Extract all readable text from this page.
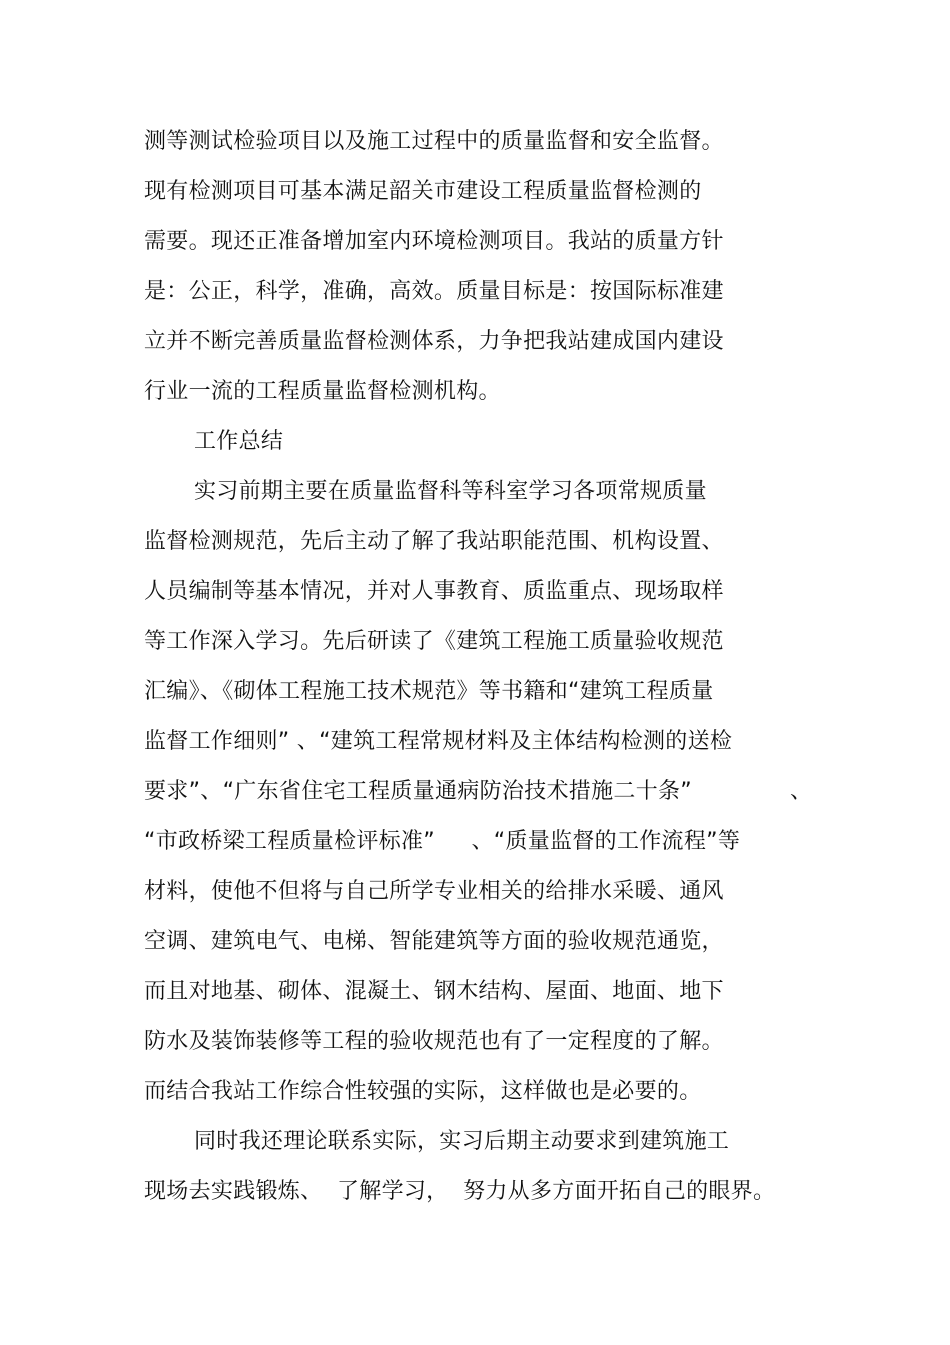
测等测试检验项目以及施工过程中的质量监督和安全监督。
现有检测项目可基本满足韶关市建设工程质量监督检测的
需要。现还正准备增加室内环境检测项目。我站的质量方针
是：公正，科学，准确，高效。质量目标是：按国际标准建
立并不断完善质量监督检测体系，力争把我站建成国内建设
行业一流的工程质量监督检测机构。
工作总结
实习前期主要在质量监督科等科室学习各项常规质量
监督检测规范，先后主动了解了我站职能范围、机构设置、
人员编制等基本情况，并对人事教育、质监重点、现场取样
等工作深入学习。先后研读了《建筑工程施工质量验收规范
汇编》、《砌体工程施工技术规范》等书籍和“建筑工程质量
监督工作细则” 、“建筑工程常规材料及主体结构检测的送检
要求”、“广东省住宅工程质量通病防治技术措施二十条”	、
“市政桥梁工程质量检评标准”     、“质量监督的工作流程”等
材料，使他不但将与自己所学专业相关的给排水采暖、通风
空调、建筑电气、电梯、智能建筑等方面的验收规范通览，
而且对地基、砌体、混凝土、钢木结构、屋面、地面、地下
防水及装饰装修等工程的验收规范也有了一定程度的了解。
而结合我站工作综合性较强的实际，这样做也是必要的。
同时我还理论联系实际，实习后期主动要求到建筑施工
现场去实践锻炼、  了解学习，  努力从多方面开拓自己的眼界。
